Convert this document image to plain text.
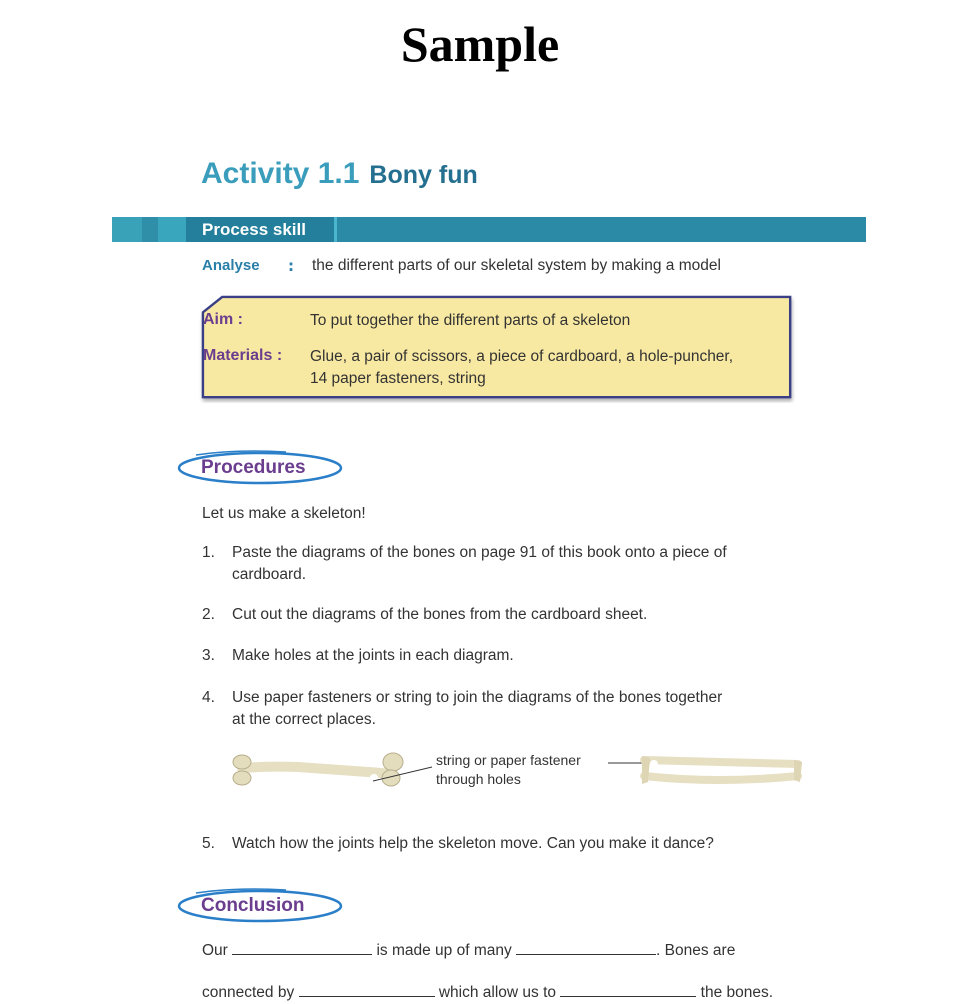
Sample
Activity 1.1 Bony fun
Process skill
Analyse : the different parts of our skeletal system by making a model
Aim :	To put together the different parts of a skeleton
Materials : Glue, a pair of scissors, a piece of cardboard, a hole-puncher,
14 paper fasteners, string
Procedures
Let us make a skeleton!
1.	Paste the diagrams of the bones on page 91 of this book onto a piece of
cardboard.
2.	Cut out the diagrams of the bones from the cardboard sheet.
3.	Make holes at the joints in each diagram.
4.	Use paper fasteners or string to join the diagrams of the bones together
at the correct places.
string or paper fastener
through holes
5.	Watch how the joints help the skeleton move. Can you make it dance?
Conclusion
Our	is made up of many	. Bones are
connected by	which allow us to	the bones.
